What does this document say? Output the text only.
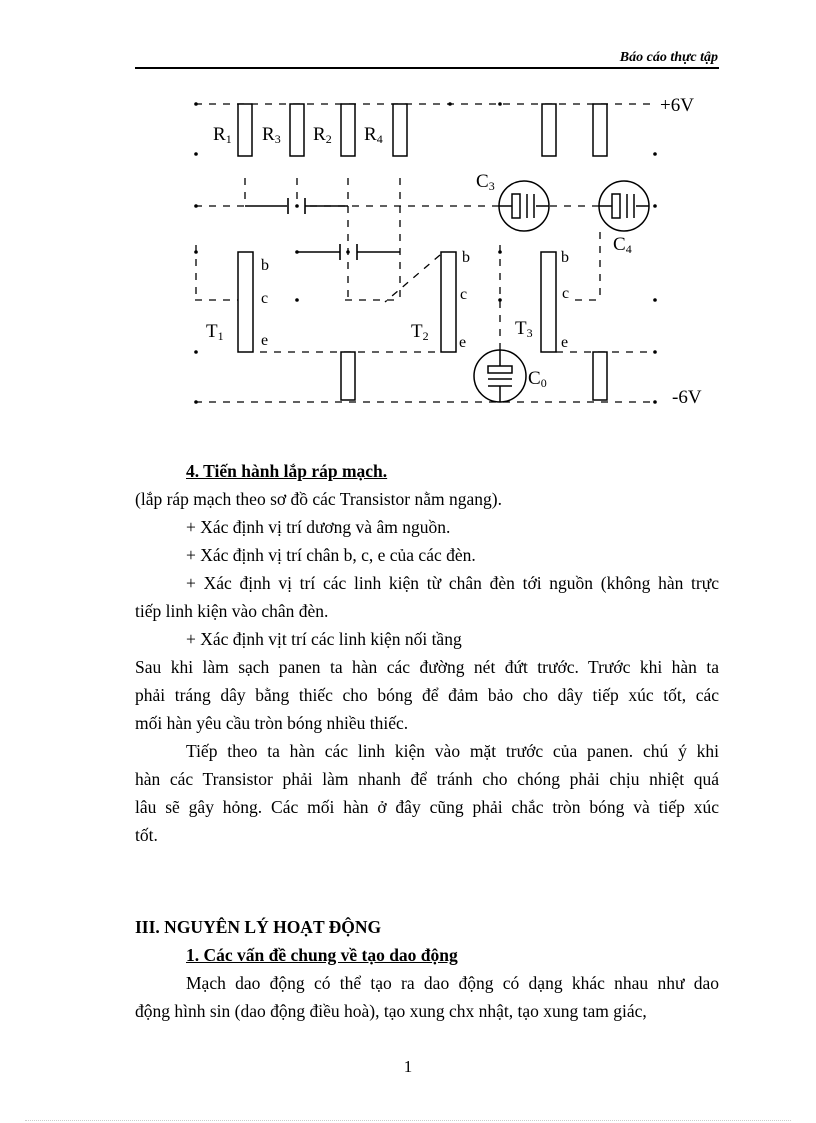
Báo cáo thực tập
R1 R3 R2 R4
C3
C4
C0
T1	T2	T3
+6V
-6V
b
c
e
b
c
e
b
c
e
4. Tiến hành lắp ráp mạch.
(lắp ráp mạch theo sơ đồ các Transistor nằm ngang).
+ Xác định vị trí dương và âm nguồn.
+ Xác định vị trí chân b, c, e của các đèn.
+ Xác định vị trí các linh kiện từ chân đèn tới nguồn (không hàn trực
tiếp linh kiện vào chân đèn.
+ Xác định vịt trí các linh kiện nối tầng
Sau khi làm sạch panen ta hàn các đường nét đứt trước. Trước khi hàn ta
phải tráng dây bằng thiếc cho bóng để đảm bảo cho dây tiếp xúc tốt, các
mối hàn yêu cầu tròn bóng nhiều thiếc.
Tiếp theo ta hàn các linh kiện vào mặt trước của panen. chú ý khi
hàn các Transistor phải làm nhanh để tránh cho chóng phải chịu nhiệt quá
lâu sẽ gây hỏng. Các mối hàn ở đây cũng phải chắc tròn bóng và tiếp xúc
tốt.
III. NGUYÊN LÝ HOẠT ĐỘNG
1. Các vấn đề chung về tạo dao động
Mạch dao động có thể tạo ra dao động có dạng khác nhau như dao
động hình sin (dao động điều hoà), tạo xung chx nhật, tạo xung tam giác,
1
